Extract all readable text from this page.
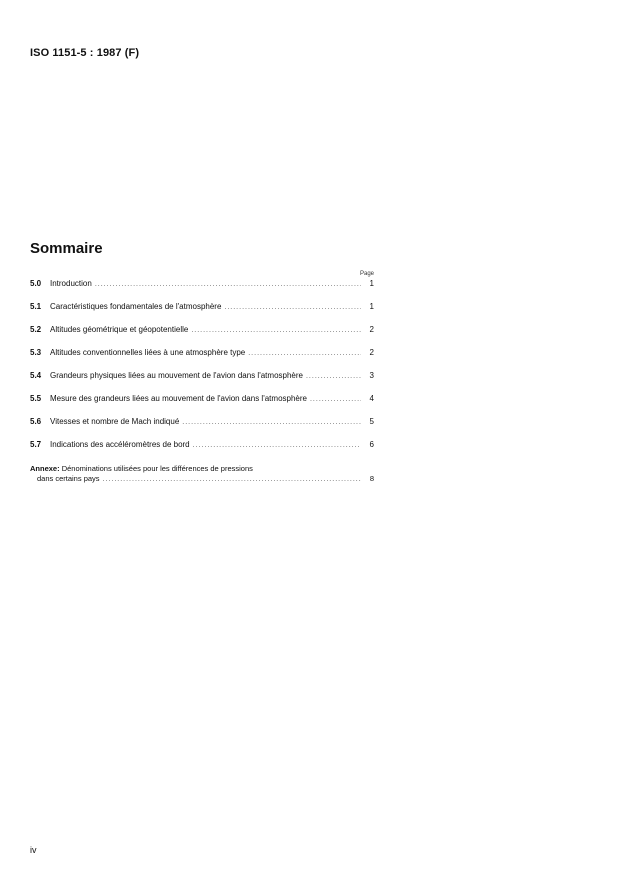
ISO 1151-5 : 1987 (F)
Sommaire
Page
5.0	Introduction .....	1
5.1	Caractéristiques fondamentales de l'atmosphère .....	1
5.2	Altitudes géométrique et géopotentielle .....	2
5.3	Altitudes conventionnelles liées à une atmosphère type .....	2
5.4	Grandeurs physiques liées au mouvement de l'avion dans l'atmosphère .....	3
5.5	Mesure des grandeurs liées au mouvement de l'avion dans l'atmosphère .....	4
5.6	Vitesses et nombre de Mach indiqué .....	5
5.7	Indications des accéléromètres de bord .....	6
Annexe: Dénominations utilisées pour les différences de pressions
dans certains pays .....	8
iv
